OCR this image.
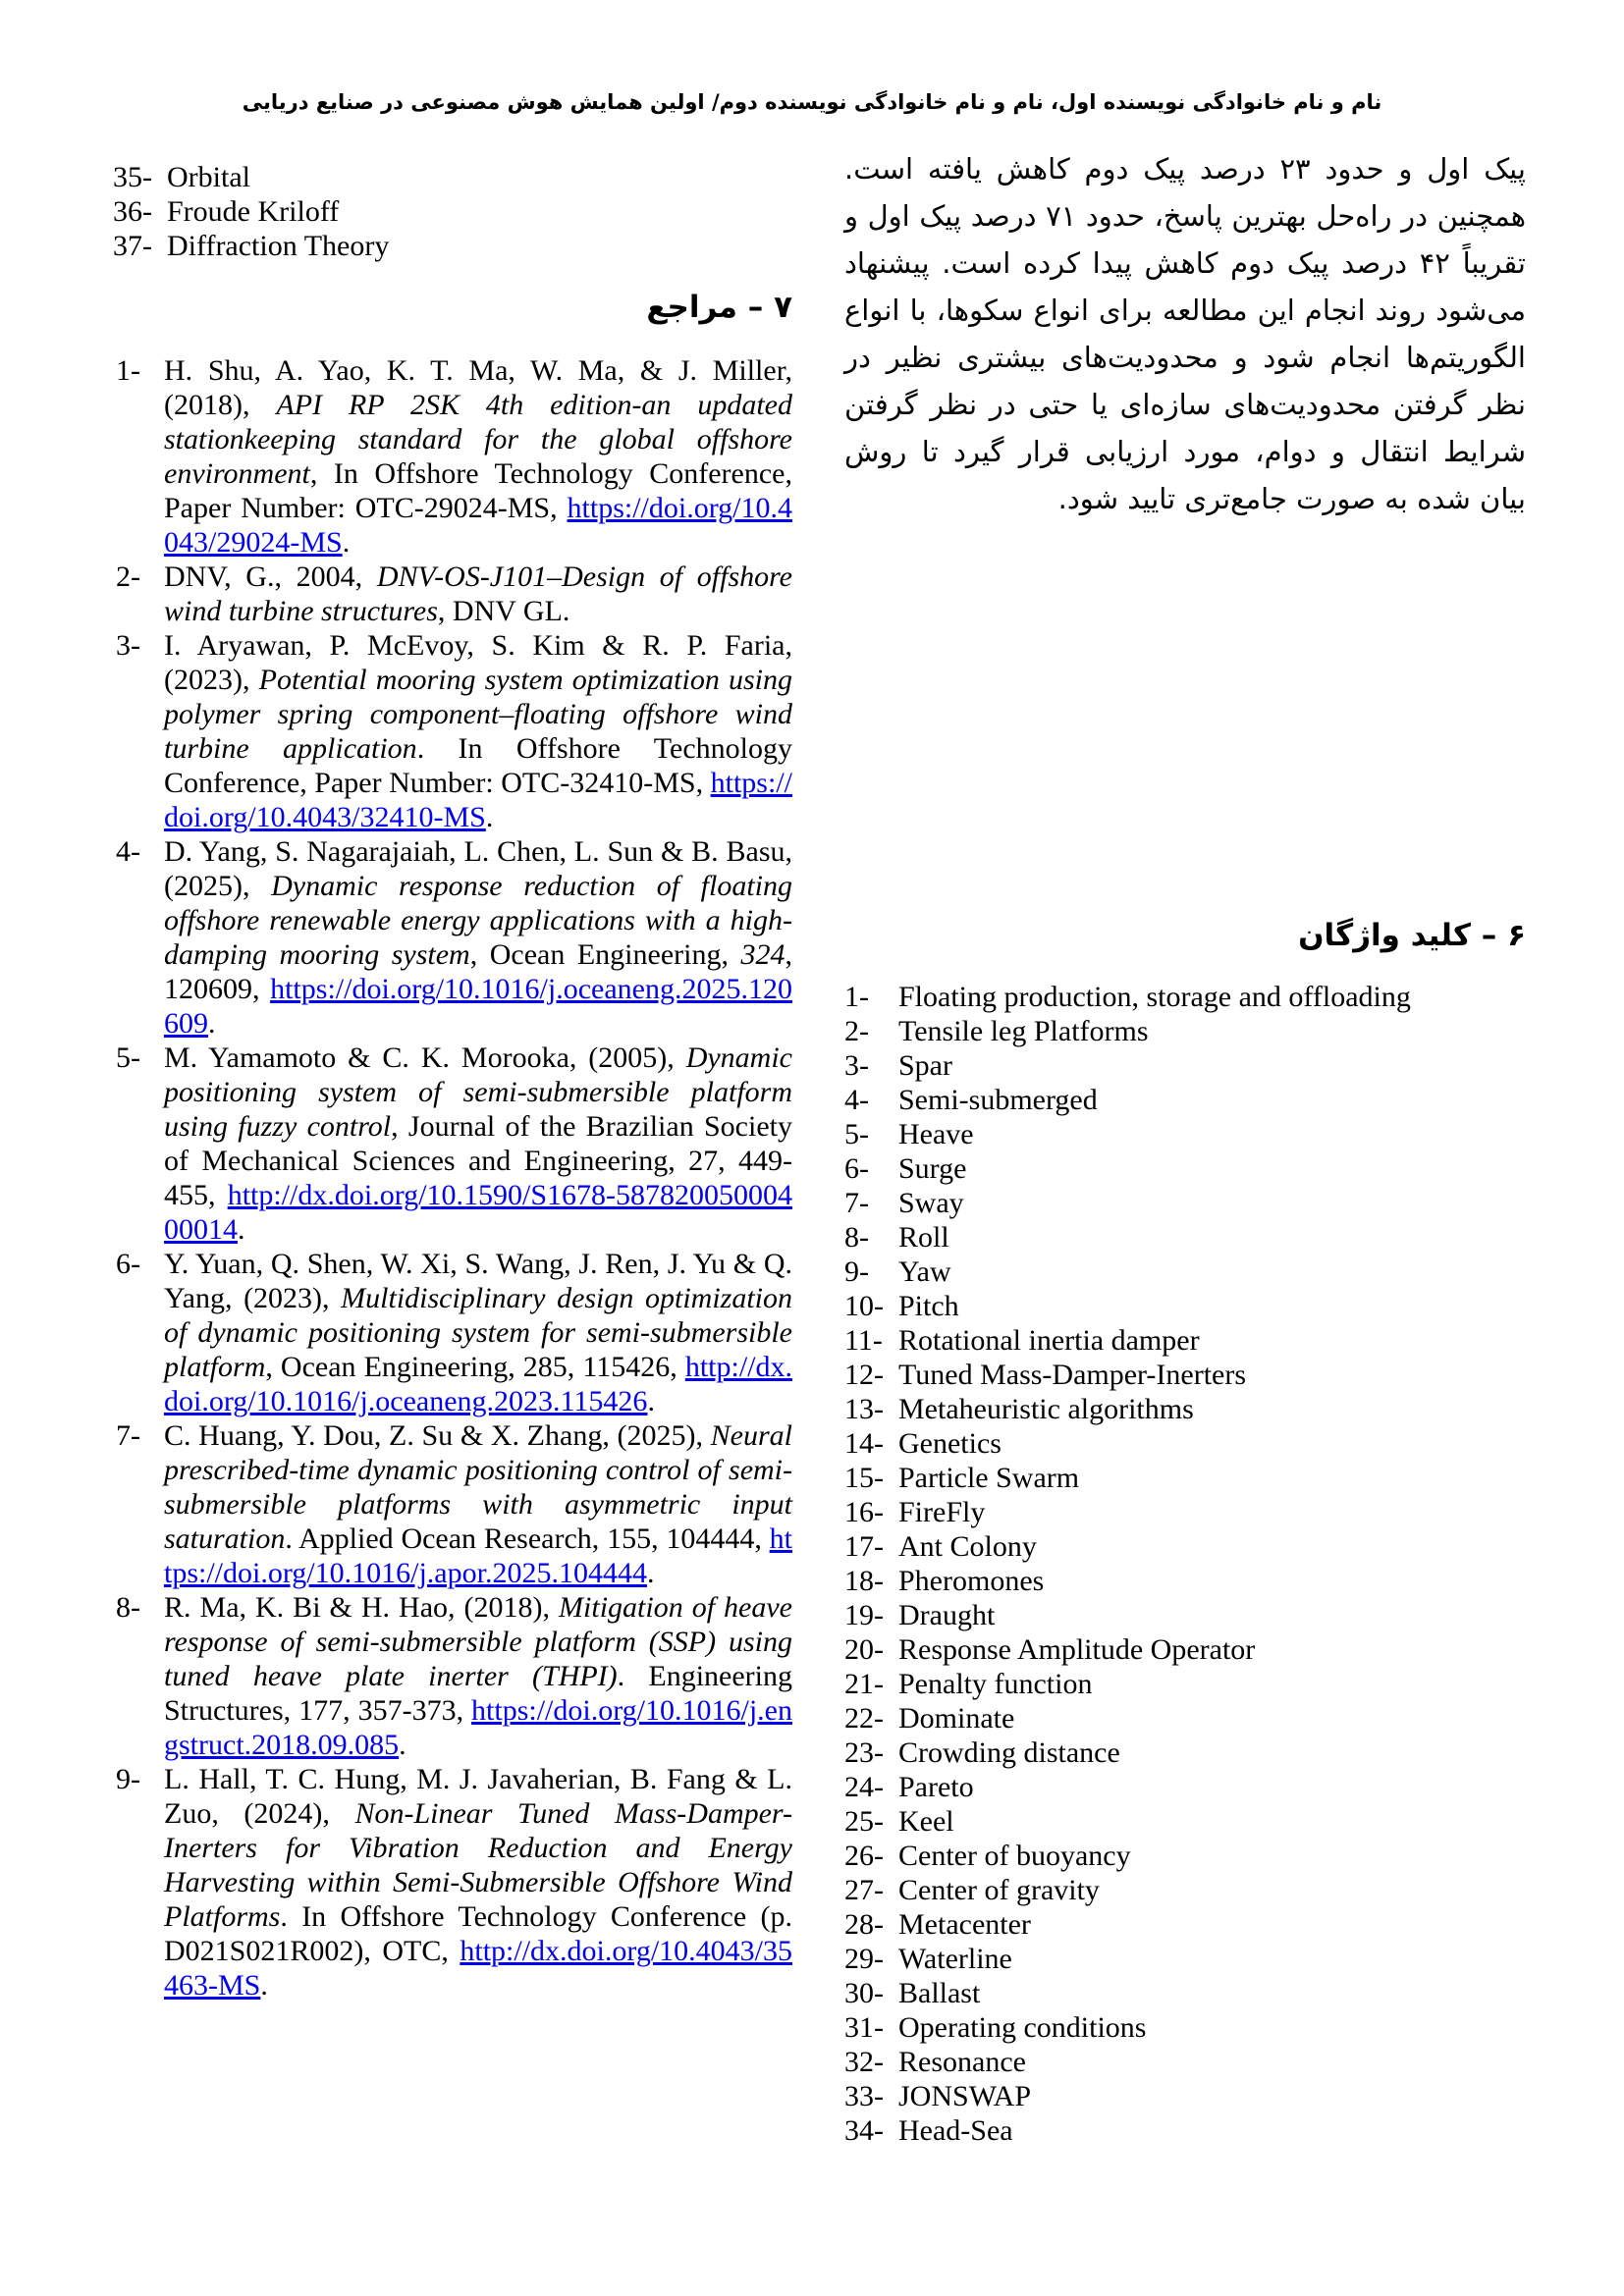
نام و نام خانوادگی نویسنده اول، نام و نام خانوادگی نویسنده دوم/ اولین همایش هوش مصنوعی در صنایع دریایی
پیک اول و حدود ۲۳ درصد پیک دوم کاهش یافته است. همچنین در راه‌حل بهترین پاسخ، حدود ۷۱ درصد پیک اول و تقریباً ۴۲ درصد پیک دوم کاهش پیدا کرده است. پیشنهاد می‌شود روند انجام این مطالعه برای انواع سکوها، با انواع الگوریتم‌ها انجام شود و محدودیت‌های بیشتری نظیر در نظر گرفتن محدودیت‌های سازه‌ای یا حتی در نظر گرفتن شرایط انتقال و دوام، مورد ارزیابی قرار گیرد تا روش بیان شده به صورت جامع‌تری تایید شود.
۶ – کلید واژگان
1- Floating production, storage and offloading
2- Tensile leg Platforms
3- Spar
4- Semi-submerged
5- Heave
6- Surge
7- Sway
8- Roll
9- Yaw
10- Pitch
11- Rotational inertia damper
12- Tuned Mass-Damper-Inerters
13- Metaheuristic algorithms
14- Genetics
15- Particle Swarm
16- FireFly
17- Ant Colony
18- Pheromones
19- Draught
20- Response Amplitude Operator
21- Penalty function
22- Dominate
23- Crowding distance
24- Pareto
25- Keel
26- Center of buoyancy
27- Center of gravity
28- Metacenter
29- Waterline
30- Ballast
31- Operating conditions
32- Resonance
33- JONSWAP
34- Head-Sea
35- Orbital
36- Froude Kriloff
37- Diffraction Theory
۷ – مراجع
1- H. Shu, A. Yao, K. T. Ma, W. Ma, & J. Miller, (2018), API RP 2SK 4th edition-an updated stationkeeping standard for the global offshore environment, In Offshore Technology Conference, Paper Number: OTC-29024-MS, https://doi.org/10.4043/29024-MS.
2- DNV, G., 2004, DNV-OS-J101–Design of offshore wind turbine structures, DNV GL.
3- I. Aryawan, P. McEvoy, S. Kim & R. P. Faria, (2023), Potential mooring system optimization using polymer spring component–floating offshore wind turbine application. In Offshore Technology Conference, Paper Number: OTC-32410-MS, https://doi.org/10.4043/32410-MS.
4- D. Yang, S. Nagarajaiah, L. Chen, L. Sun & B. Basu, (2025), Dynamic response reduction of floating offshore renewable energy applications with a high-damping mooring system, Ocean Engineering, 324, 120609, https://doi.org/10.1016/j.oceaneng.2025.120609.
5- M. Yamamoto & C. K. Morooka, (2005), Dynamic positioning system of semi-submersible platform using fuzzy control, Journal of the Brazilian Society of Mechanical Sciences and Engineering, 27, 449-455, http://dx.doi.org/10.1590/S1678-58782005000400014.
6- Y. Yuan, Q. Shen, W. Xi, S. Wang, J. Ren, J. Yu & Q. Yang, (2023), Multidisciplinary design optimization of dynamic positioning system for semi-submersible platform, Ocean Engineering, 285, 115426, http://dx.doi.org/10.1016/j.oceaneng.2023.115426.
7- C. Huang, Y. Dou, Z. Su & X. Zhang, (2025), Neural prescribed-time dynamic positioning control of semi-submersible platforms with asymmetric input saturation. Applied Ocean Research, 155, 104444, https://doi.org/10.1016/j.apor.2025.104444.
8- R. Ma, K. Bi & H. Hao, (2018), Mitigation of heave response of semi-submersible platform (SSP) using tuned heave plate inerter (THPI). Engineering Structures, 177, 357-373, https://doi.org/10.1016/j.engstruct.2018.09.085.
9- L. Hall, T. C. Hung, M. J. Javaherian, B. Fang & L. Zuo, (2024), Non-Linear Tuned Mass-Damper-Inerters for Vibration Reduction and Energy Harvesting within Semi-Submersible Offshore Wind Platforms. In Offshore Technology Conference (p. D021S021R002), OTC, http://dx.doi.org/10.4043/35463-MS.
